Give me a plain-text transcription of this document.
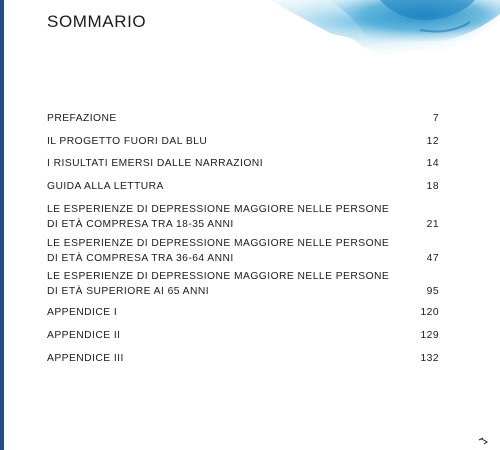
SOMMARIO
PREFAZIONE	7
IL PROGETTO FUORI DAL BLU	12
I RISULTATI EMERSI DALLE NARRAZIONI	14
GUIDA ALLA LETTURA	18
LE ESPERIENZE DI DEPRESSIONE MAGGIORE NELLE PERSONE
DI ETÀ COMPRESA TRA 18-35 ANNI	21
LE ESPERIENZE DI DEPRESSIONE MAGGIORE NELLE PERSONE
DI ETÀ COMPRESA TRA 36-64 ANNI	47
LE ESPERIENZE DI DEPRESSIONE MAGGIORE NELLE PERSONE
DI ETÀ SUPERIORE AI 65 ANNI	95
APPENDICE I	120
APPENDICE II	129
APPENDICE III	132
